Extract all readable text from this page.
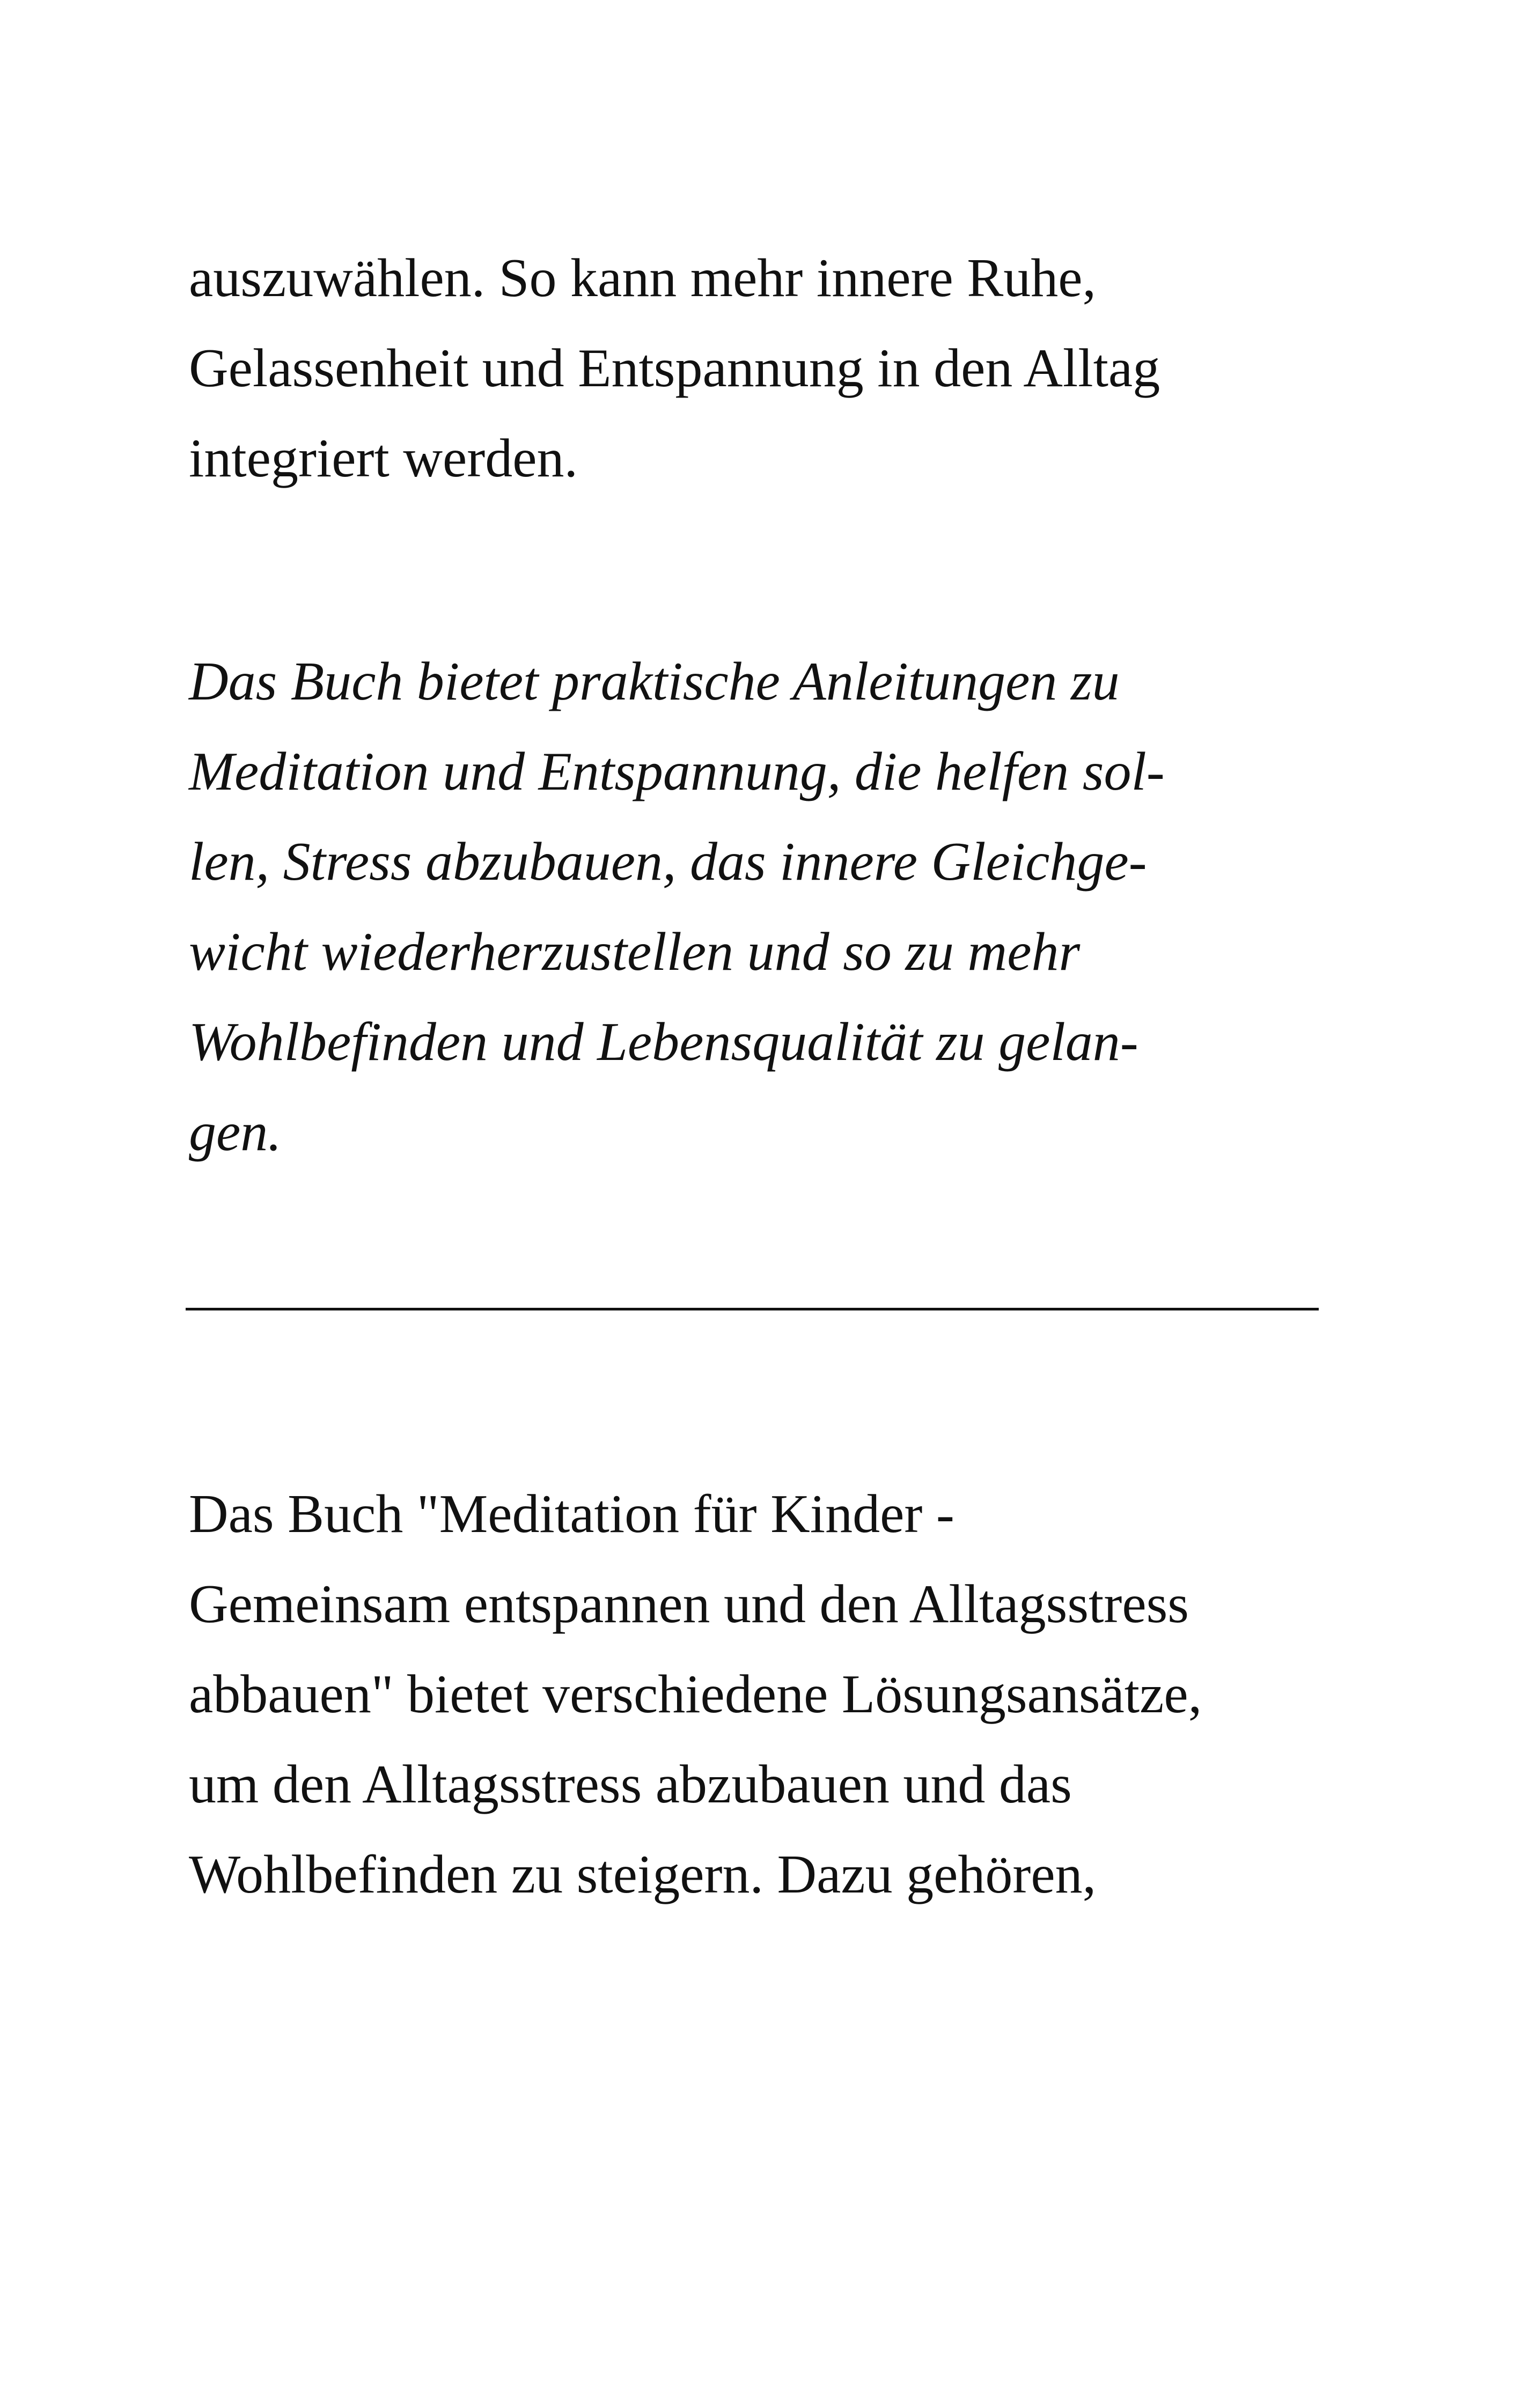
auszuwählen. So kann mehr innere Ruhe,
Gelassenheit und Entspannung in den Alltag
integriert werden.
Das Buch bietet praktische Anleitungen zu
Meditation und Entspannung, die helfen sol-
len, Stress abzubauen, das innere Gleichge-
wicht wiederherzustellen und so zu mehr
Wohlbefinden und Lebensqualität zu gelan-
gen.
Das Buch "Meditation für Kinder -
Gemeinsam entspannen und den Alltagsstress
abbauen" bietet verschiedene Lösungsansätze,
um den Alltagsstress abzubauen und das
Wohlbefinden zu steigern. Dazu gehören,
